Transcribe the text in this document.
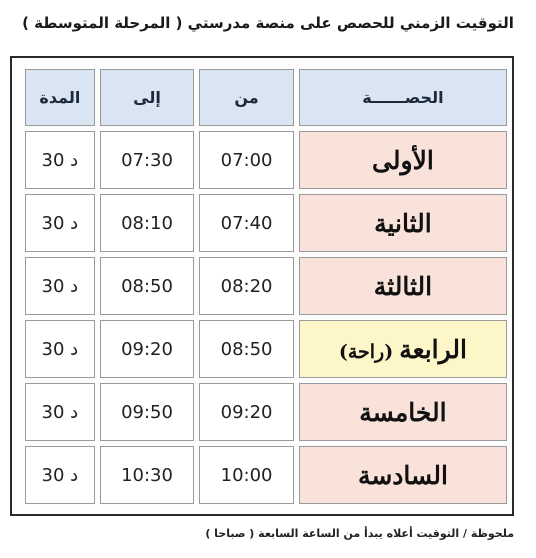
التوقيت الزمني للحصص على منصة مدرستي ( المرحلة المتوسطة )
الحصــــــة	من	إلى	المدة
الأولى	07:00	07:30	30 د
الثانية	07:40	08:10	30 د
الثالثة	08:20	08:50	30 د
الرابعة(راحة)	08:50	09:20	30 د
الخامسة	09:20	09:50	30 د
السادسة	10:00	10:30	30 د
ملحوظة / التوقيت أعلاه يبدأ من الساعة السابعة ( صباحا )
